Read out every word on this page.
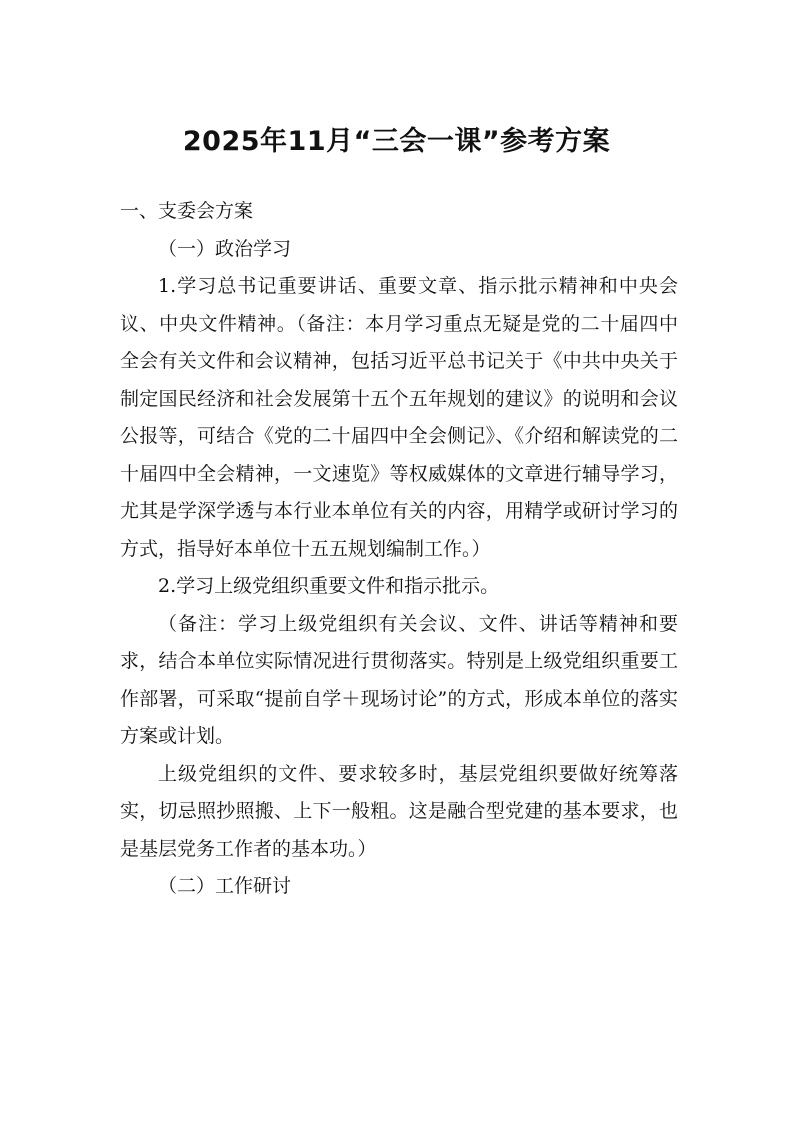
2025年11月“三会一课”参考方案

一、支委会方案

（一）政治学习

1.学习总书记重要讲话、重要文章、指示批示精神和中央会议、中央文件精神。（备注：本月学习重点无疑是党的二十届四中全会有关文件和会议精神，包括习近平总书记关于《中共中央关于制定国民经济和社会发展第十五个五年规划的建议》的说明和会议公报等，可结合《党的二十届四中全会侧记》、《介绍和解读党的二十届四中全会精神，一文速览》等权威媒体的文章进行辅导学习，尤其是学深学透与本行业本单位有关的内容，用精学或研讨学习的方式，指导好本单位十五五规划编制工作。）

2.学习上级党组织重要文件和指示批示。

（备注：学习上级党组织有关会议、文件、讲话等精神和要求，结合本单位实际情况进行贯彻落实。特别是上级党组织重要工作部署，可采取“提前自学＋现场讨论”的方式，形成本单位的落实方案或计划。

上级党组织的文件、要求较多时，基层党组织要做好统筹落实，切忌照抄照搬、上下一般粗。这是融合型党建的基本要求，也是基层党务工作者的基本功。）

（二）工作研讨
